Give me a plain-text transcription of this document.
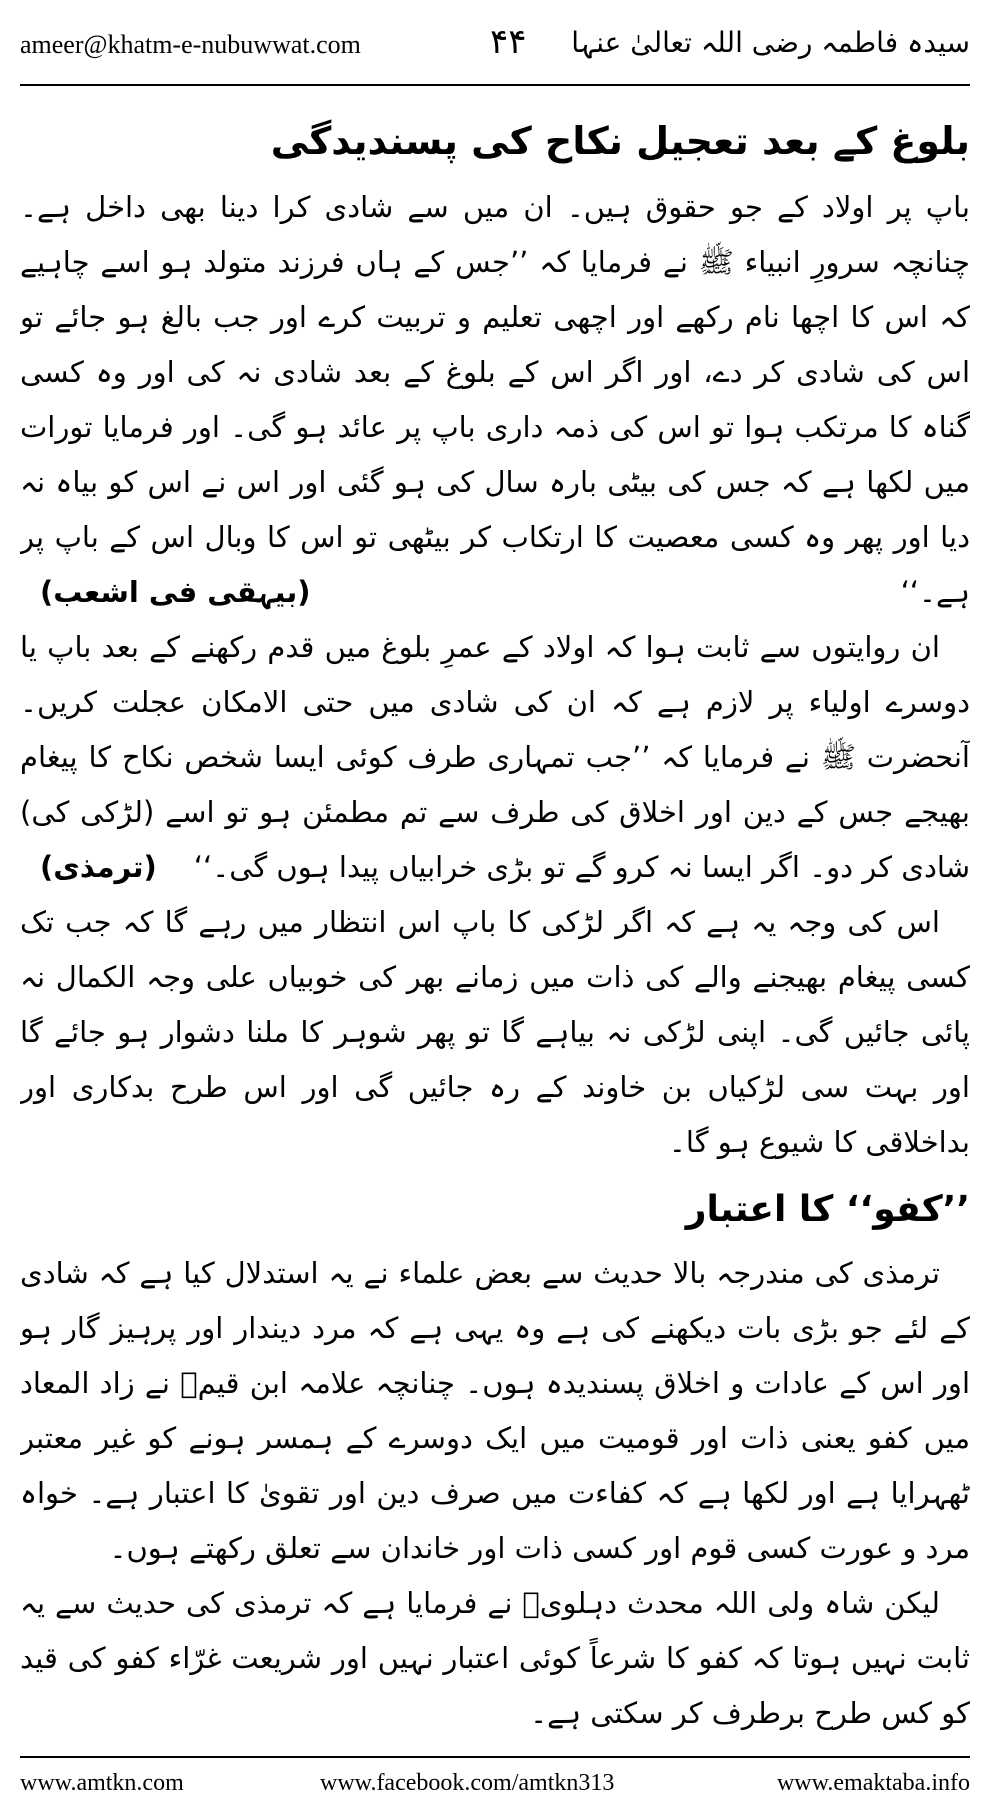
ameer@khatm-e-nubuwwat.com	۴۴ سیدہ فاطمہ رضی اللہ تعالیٰ عنہا
بلوغ کے بعد تعجیل نکاح کی پسندیدگی

باپ پر اولاد کے جو حقوق ہیں۔ ان میں سے شادی کرا دینا بھی داخل ہے۔ چنانچہ سرورِ انبیاء ﷺ نے فرمایا کہ ’’جس کے ہاں فرزند متولد ہو اسے چاہیے کہ اس کا اچھا نام رکھے اور اچھی تعلیم و تربیت کرے اور جب بالغ ہو جائے تو اس کی شادی کر دے، اور اگر اس کے بلوغ کے بعد شادی نہ کی اور وہ کسی گناہ کا مرتکب ہوا تو اس کی ذمہ داری باپ پر عائد ہو گی۔ اور فرمایا تورات میں لکھا ہے کہ جس کی بیٹی بارہ سال کی ہو گئی اور اس نے اس کو بیاہ نہ دیا اور پھر وہ کسی معصیت کا ارتکاب کر بیٹھی تو اس کا وبال اس کے باپ پر ہے۔‘‘
(بیہقی فی اشعب)

ان روایتوں سے ثابت ہوا کہ اولاد کے عمرِ بلوغ میں قدم رکھنے کے بعد باپ یا دوسرے اولیاء پر لازم ہے کہ ان کی شادی میں حتی الامکان عجلت کریں۔ آنحضرت ﷺ نے فرمایا کہ ’’جب تمہاری طرف کوئی ایسا شخص نکاح کا پیغام بھیجے جس کے دین اور اخلاق کی طرف سے تم مطمئن ہو تو اسے (لڑکی کی) شادی کر دو۔ اگر ایسا نہ کرو گے تو بڑی خرابیاں پیدا ہوں گی۔‘‘
(ترمذی)

اس کی وجہ یہ ہے کہ اگر لڑکی کا باپ اس انتظار میں رہے گا کہ جب تک کسی پیغام بھیجنے والے کی ذات میں زمانے بھر کی خوبیاں علی وجہ الکمال نہ پائی جائیں گی۔ اپنی لڑکی نہ بیاہے گا تو پھر شوہر کا ملنا دشوار ہو جائے گا اور بہت سی لڑکیاں بن خاوند کے رہ جائیں گی اور اس طرح بدکاری اور بداخلاقی کا شیوع ہو گا۔

’’کفو‘‘ کا اعتبار

ترمذی کی مندرجہ بالا حدیث سے بعض علماء نے یہ استدلال کیا ہے کہ شادی کے لئے جو بڑی بات دیکھنے کی ہے وہ یہی ہے کہ مرد دیندار اور پرہیز گار ہو اور اس کے عادات و اخلاق پسندیدہ ہوں۔ چنانچہ علامہ ابن قیمؒ نے زاد المعاد میں کفو یعنی ذات اور قومیت میں ایک دوسرے کے ہمسر ہونے کو غیر معتبر ٹھہرایا ہے اور لکھا ہے کہ کفاءت میں صرف دین اور تقویٰ کا اعتبار ہے۔ خواہ مرد و عورت کسی قوم اور کسی ذات اور خاندان سے تعلق رکھتے ہوں۔

لیکن شاہ ولی اللہ محدث دہلویؒ نے فرمایا ہے کہ ترمذی کی حدیث سے یہ ثابت نہیں ہوتا کہ کفو کا شرعاً کوئی اعتبار نہیں اور شریعت غرّاء کفو کی قید کو کس طرح برطرف کر سکتی ہے۔

www.amtkn.com	www.facebook.com/amtkn313	www.emaktaba.info
